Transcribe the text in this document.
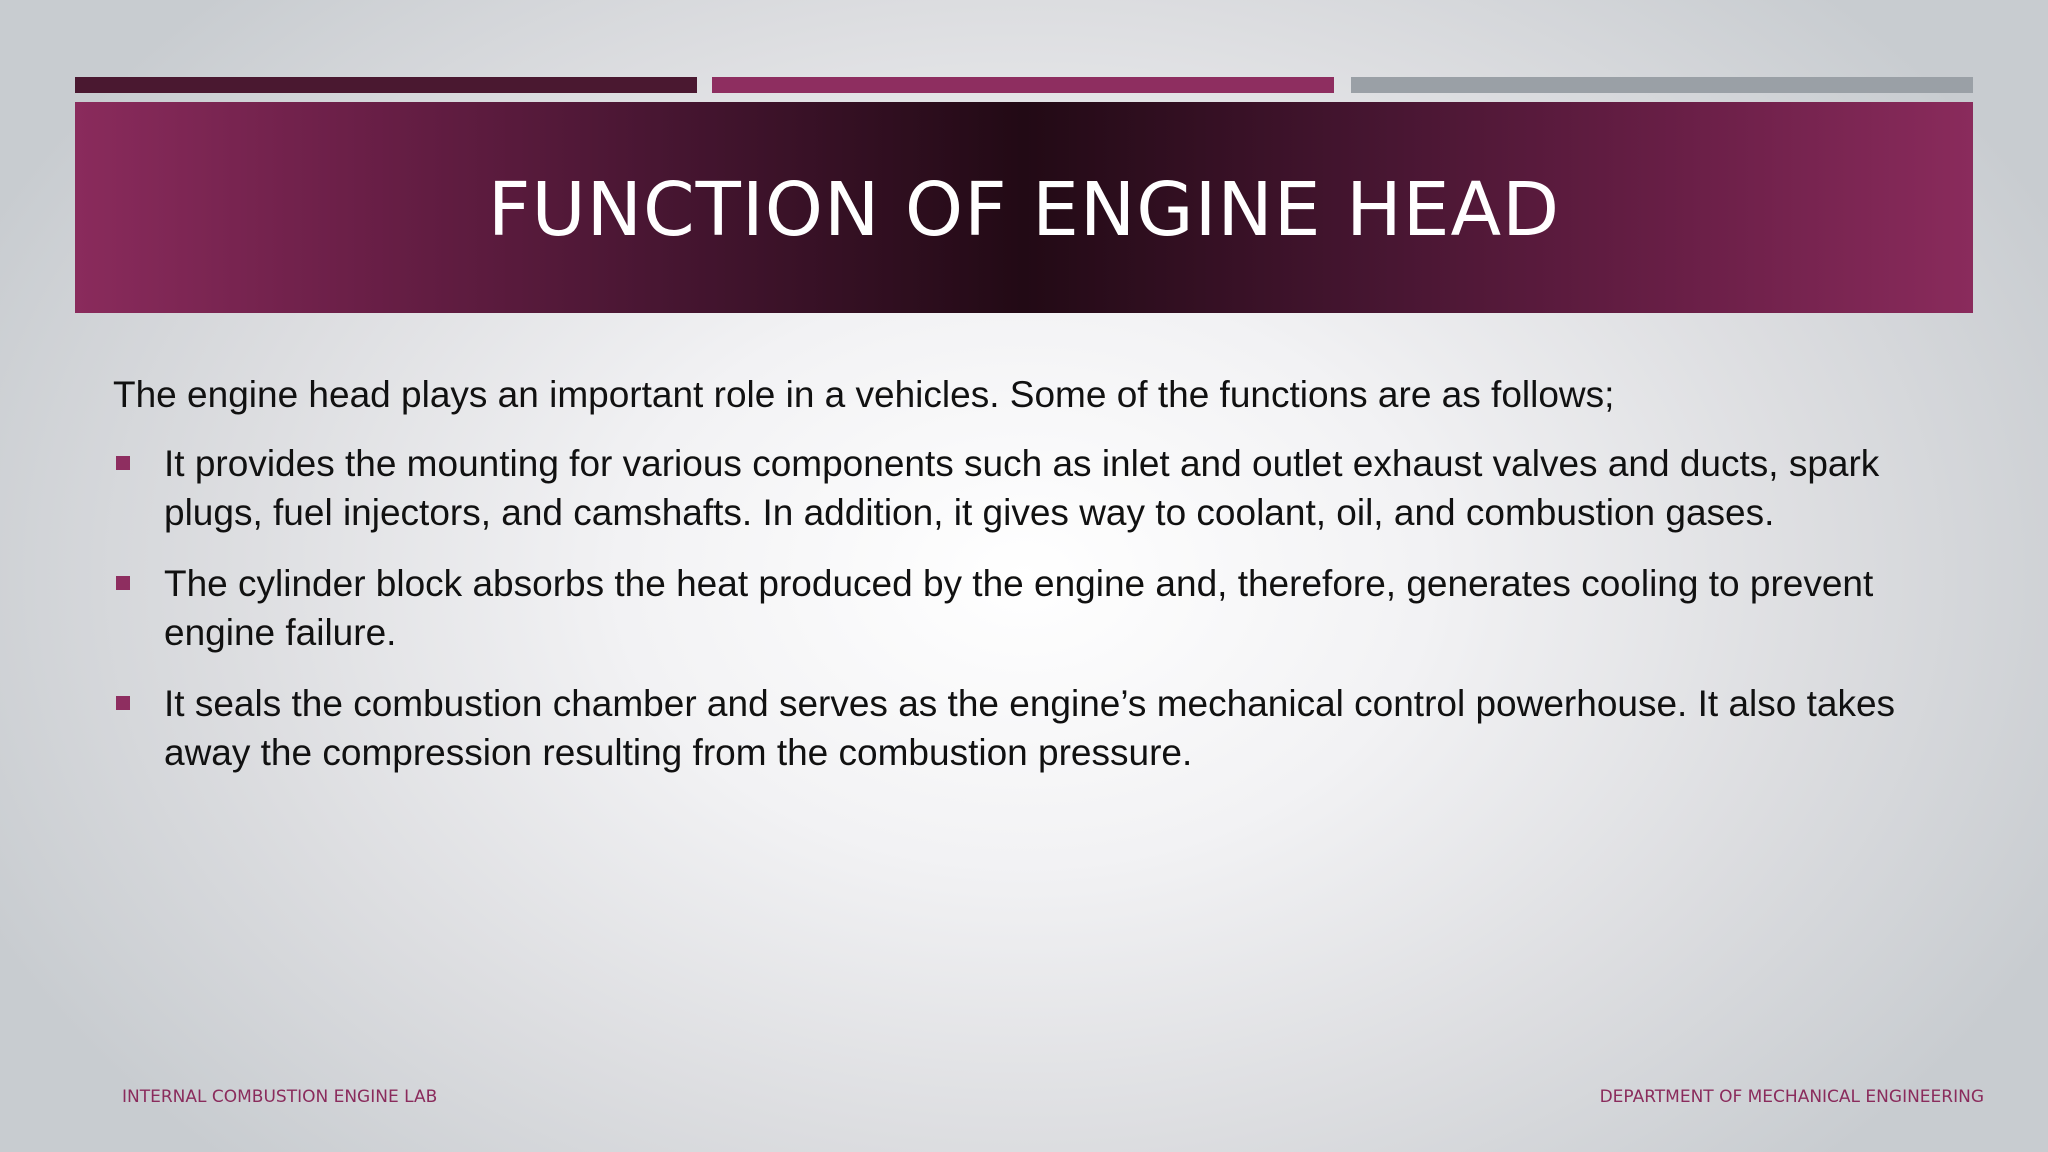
FUNCTION OF ENGINE HEAD

The engine head plays an important role in a vehicles. Some of the functions are as follows;

It provides the mounting for various components such as inlet and outlet exhaust valves and ducts, spark plugs, fuel injectors, and camshafts. In addition, it gives way to coolant, oil, and combustion gases.
The cylinder block absorbs the heat produced by the engine and, therefore, generates cooling to prevent engine failure.
It seals the combustion chamber and serves as the engine’s mechanical control powerhouse. It also takes away the compression resulting from the combustion pressure.
INTERNAL COMBUSTION ENGINE LAB	DEPARTMENT OF MECHANICAL ENGINEERING
